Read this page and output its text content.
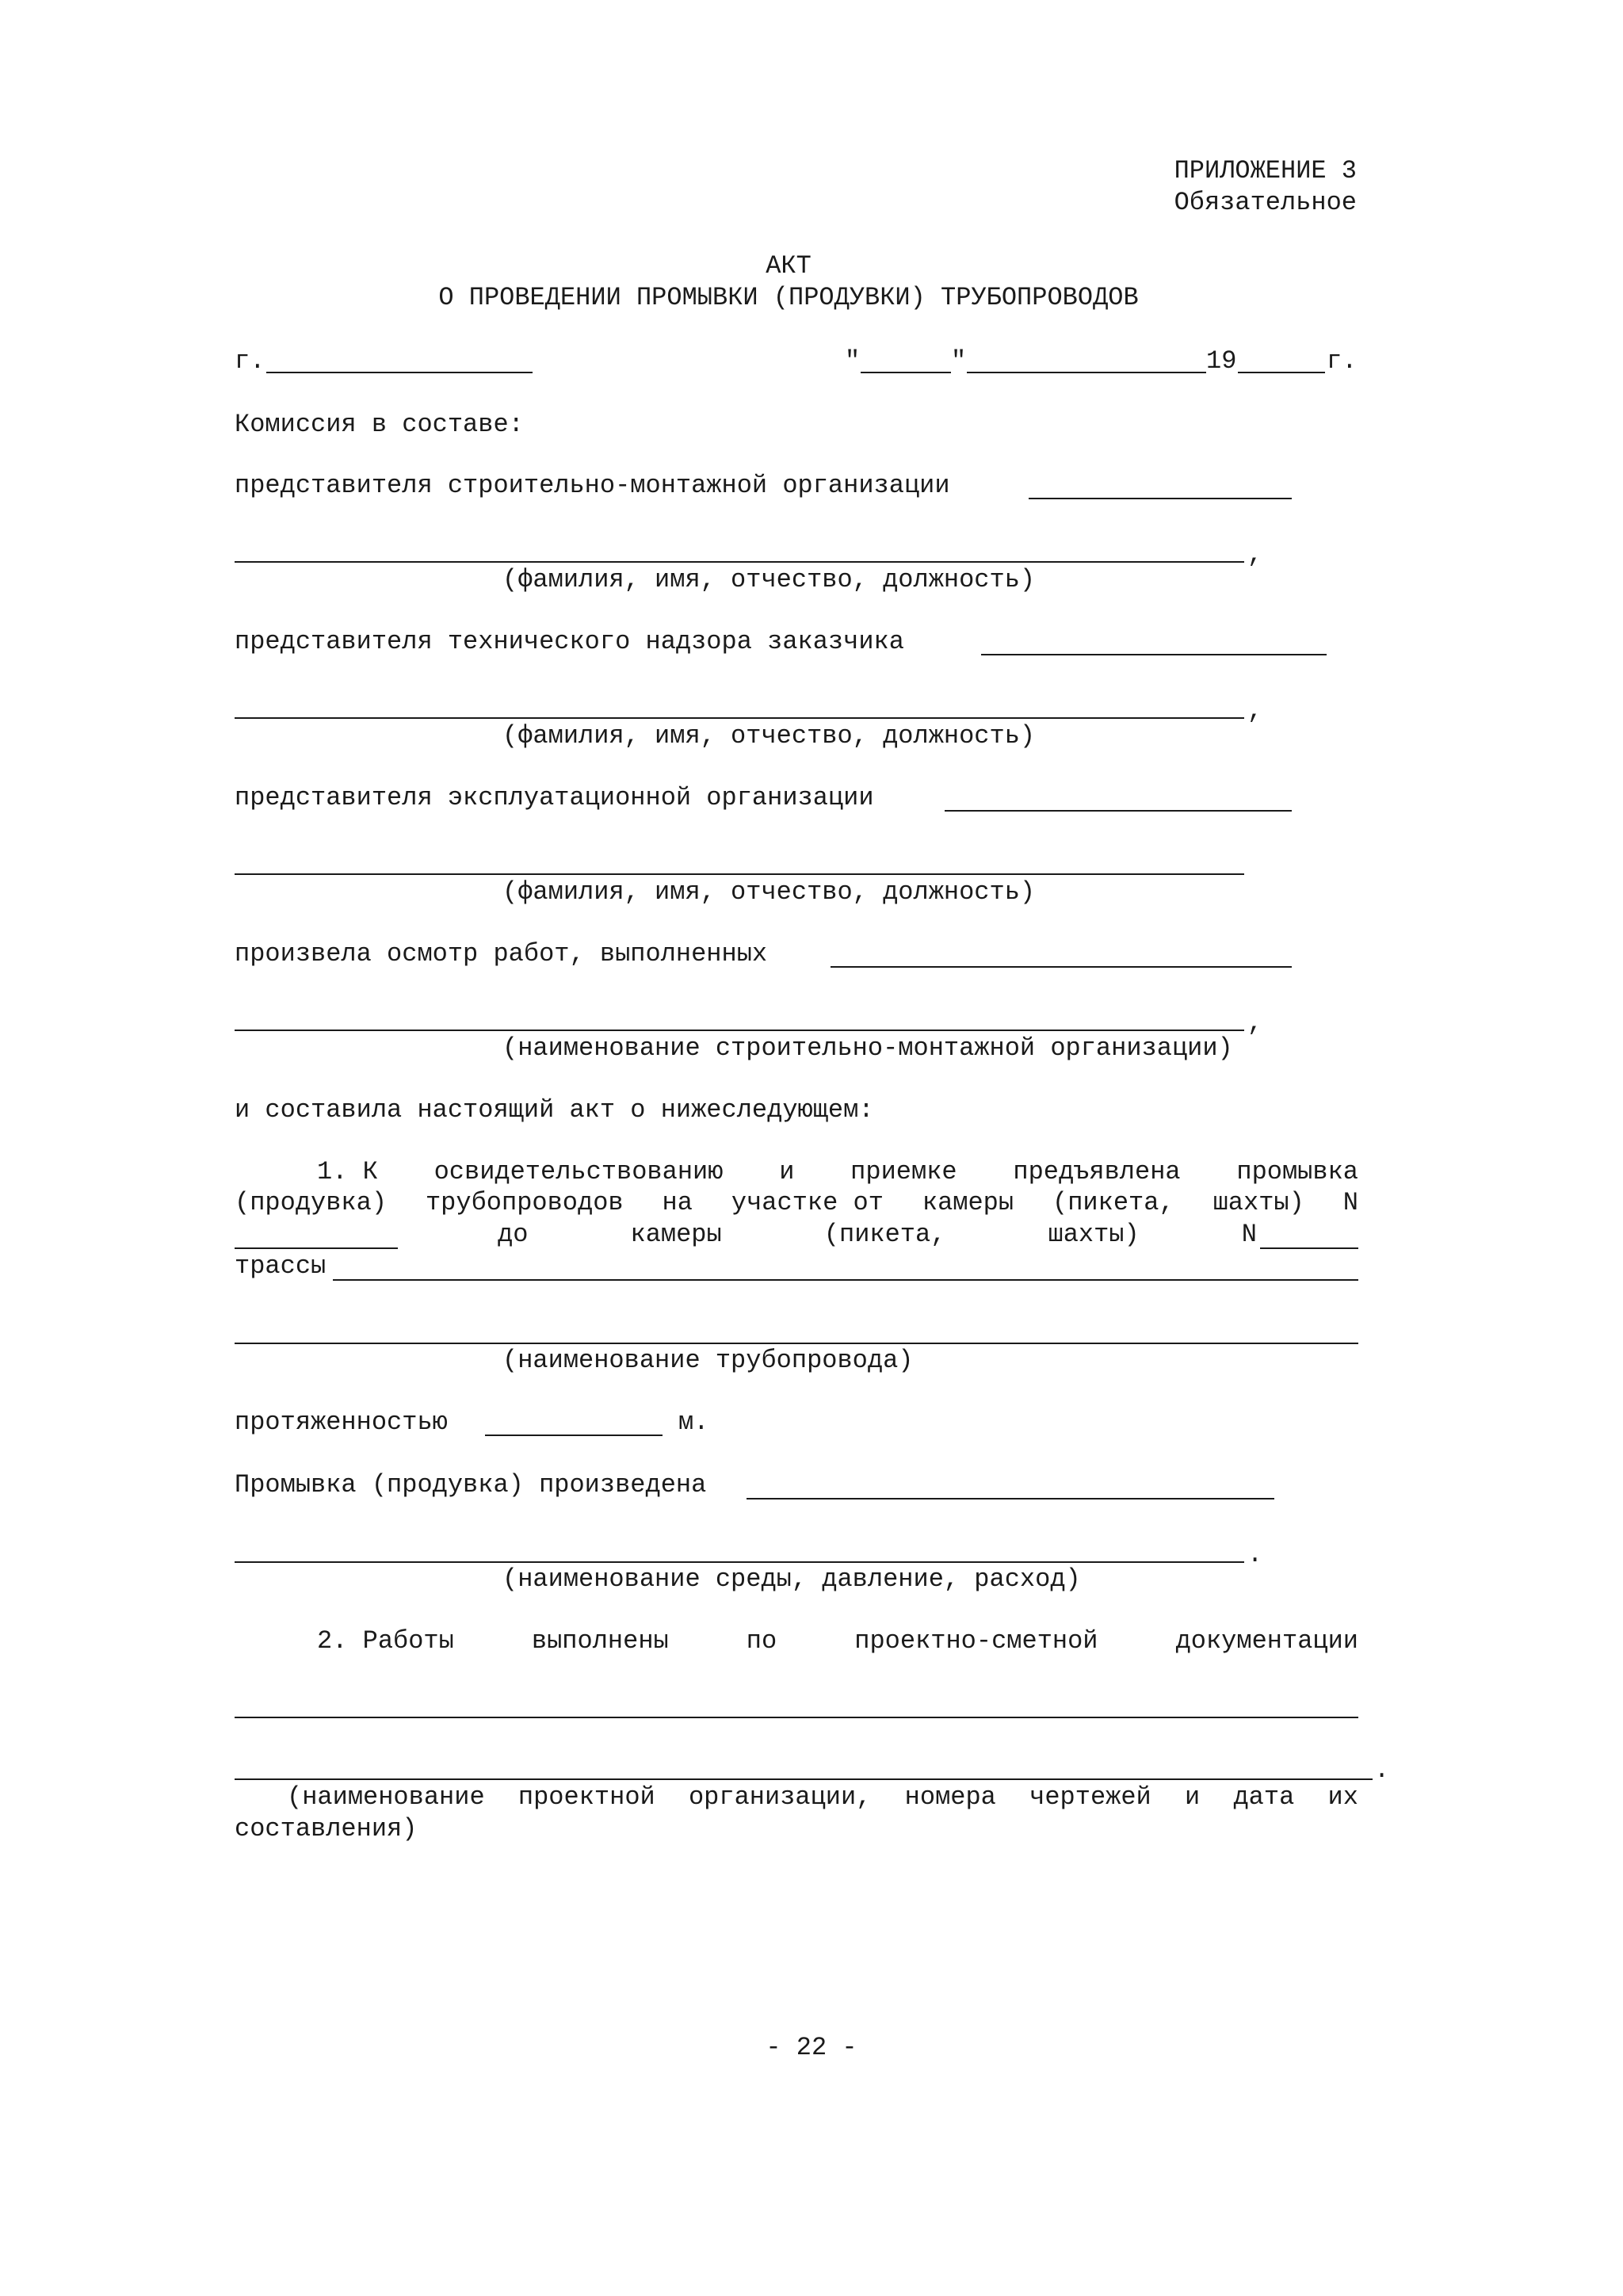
ПРИЛОЖЕНИЕ 3
Обязательное
АКТ
О ПРОВЕДЕНИИ ПРОМЫВКИ (ПРОДУВКИ) ТРУБОПРОВОДОВ
г.	"	"	19	г.
Комиссия в составе:
представителя строительно-монтажной организации
,
(фамилия, имя, отчество, должность)
представителя технического надзора заказчика
,
(фамилия, имя, отчество, должность)
представителя эксплуатационной организации
(фамилия, имя, отчество, должность)
произвела осмотр работ, выполненных
,
(наименование строительно-монтажной организации)
и составила настоящий акт о нижеследующем:
1. К освидетельствованию и приемке предъявлена промывка
(продувка) трубопроводов на участке от камеры (пикета, шахты) N
до	камеры	(пикета,	шахты)	N
трассы
(наименование трубопровода)
протяженностью	м.
Промывка (продувка) произведена
.
(наименование среды, давление, расход)
2. Работы	выполнены	по	проектно-сметной	документации
.
(наименование проектной организации, номера чертежей и дата их
составления)
- 22 -
